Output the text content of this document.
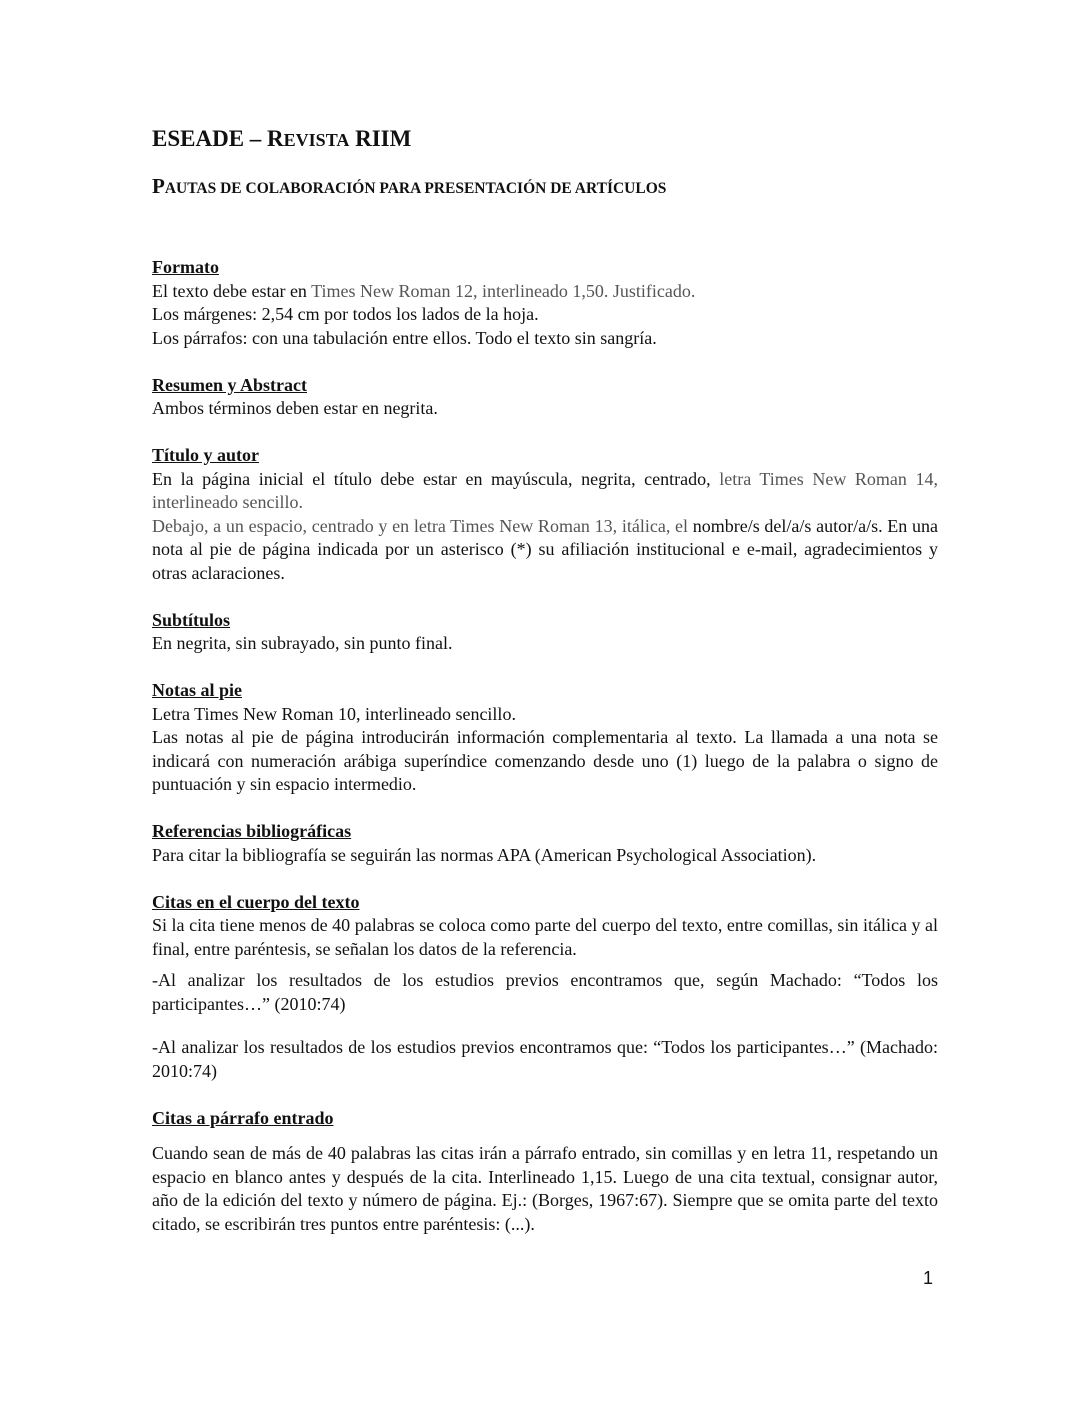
ESEADE – REVISTA RIIM
PAUTAS DE COLABORACIÓN PARA PRESENTACIÓN DE ARTÍCULOS
Formato
El texto debe estar en Times New Roman 12, interlineado 1,50. Justificado.
Los márgenes: 2,54 cm por todos los lados de la hoja.
Los párrafos: con una tabulación entre ellos. Todo el texto sin sangría.
Resumen y Abstract
Ambos términos deben estar en negrita.
Título y autor
En la página inicial el título debe estar en mayúscula, negrita, centrado, letra Times New Roman 14, interlineado sencillo.
Debajo, a un espacio, centrado y en letra Times New Roman 13, itálica, el nombre/s del/a/s autor/a/s. En una nota al pie de página indicada por un asterisco (*) su afiliación institucional e e-mail, agradecimientos y otras aclaraciones.
Subtítulos
En negrita, sin subrayado, sin punto final.
Notas al pie
Letra Times New Roman 10, interlineado sencillo.
Las notas al pie de página introducirán información complementaria al texto. La llamada a una nota se indicará con numeración arábiga superíndice comenzando desde uno (1) luego de la palabra o signo de puntuación y sin espacio intermedio.
Referencias bibliográficas
Para citar la bibliografía se seguirán las normas APA (American Psychological Association).
Citas en el cuerpo del texto
Si la cita tiene menos de 40 palabras se coloca como parte del cuerpo del texto, entre comillas, sin itálica y al final, entre paréntesis, se señalan los datos de la referencia.
-Al analizar los resultados de los estudios previos encontramos que, según Machado: “Todos los participantes…” (2010:74)
-Al analizar los resultados de los estudios previos encontramos que: “Todos los participantes…” (Machado: 2010:74)
Citas a párrafo entrado
Cuando sean de más de 40 palabras las citas irán a párrafo entrado, sin comillas y en letra 11, respetando un espacio en blanco antes y después de la cita. Interlineado 1,15. Luego de una cita textual, consignar autor, año de la edición del texto y número de página. Ej.: (Borges, 1967:67). Siempre que se omita parte del texto citado, se escribirán tres puntos entre paréntesis: (...).
1
